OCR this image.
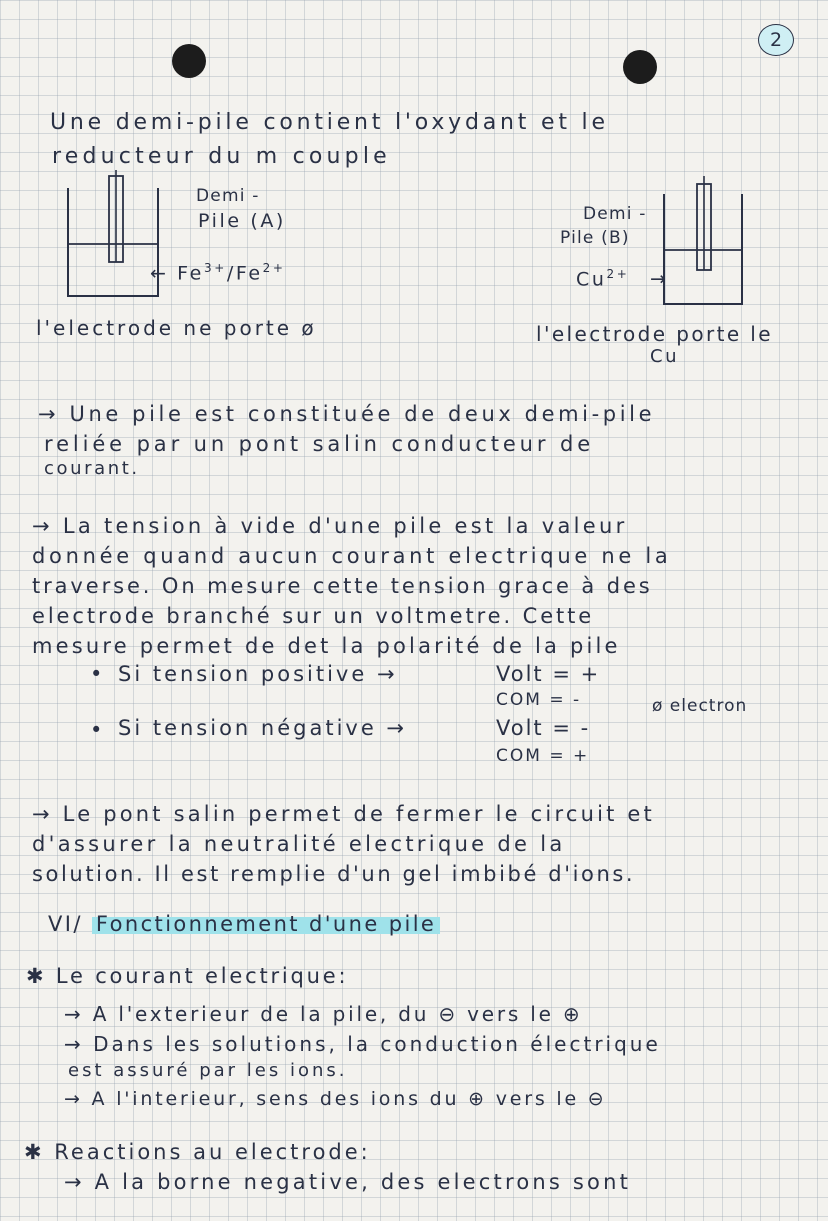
2
Une demi-pile contient l'oxydant et le
reducteur du m couple
Demi -
Pile (A)
← $Fe^{3+}/Fe^{2+}$
l'electrode ne porte ø
Demi -
Pile (B)
$Cu^{2+}$ →
l'electrode porte le
Cu
→ Une pile est constituée de deux demi-pile
reliée par un pont salin conducteur de
courant.
→ La tension à vide d'une pile est la valeur
donnée quand aucun courant electrique ne la
traverse. On mesure cette tension grace à des
electrode branché sur un voltmetre. Cette
mesure permet de det la polarité de la pile
• Si tension positive →	Volt = +
COM = -	ø electron
• Si tension négative →	Volt = -
COM = +
→ Le pont salin permet de fermer le circuit et
d'assurer la neutralité electrique de la
solution. Il est remplie d'un gel imbibé d'ions.
VI/ Fonctionnement d'une pile
✱ Le courant electrique:
→ A l'exterieur de la pile, du ⊖ vers le ⊕
→ Dans les solutions, la conduction électrique
est assuré par les ions.
→ A l'interieur, sens des ions du ⊕ vers le ⊖
✱ Reactions au electrode:
→ A la borne negative, des electrons sont
